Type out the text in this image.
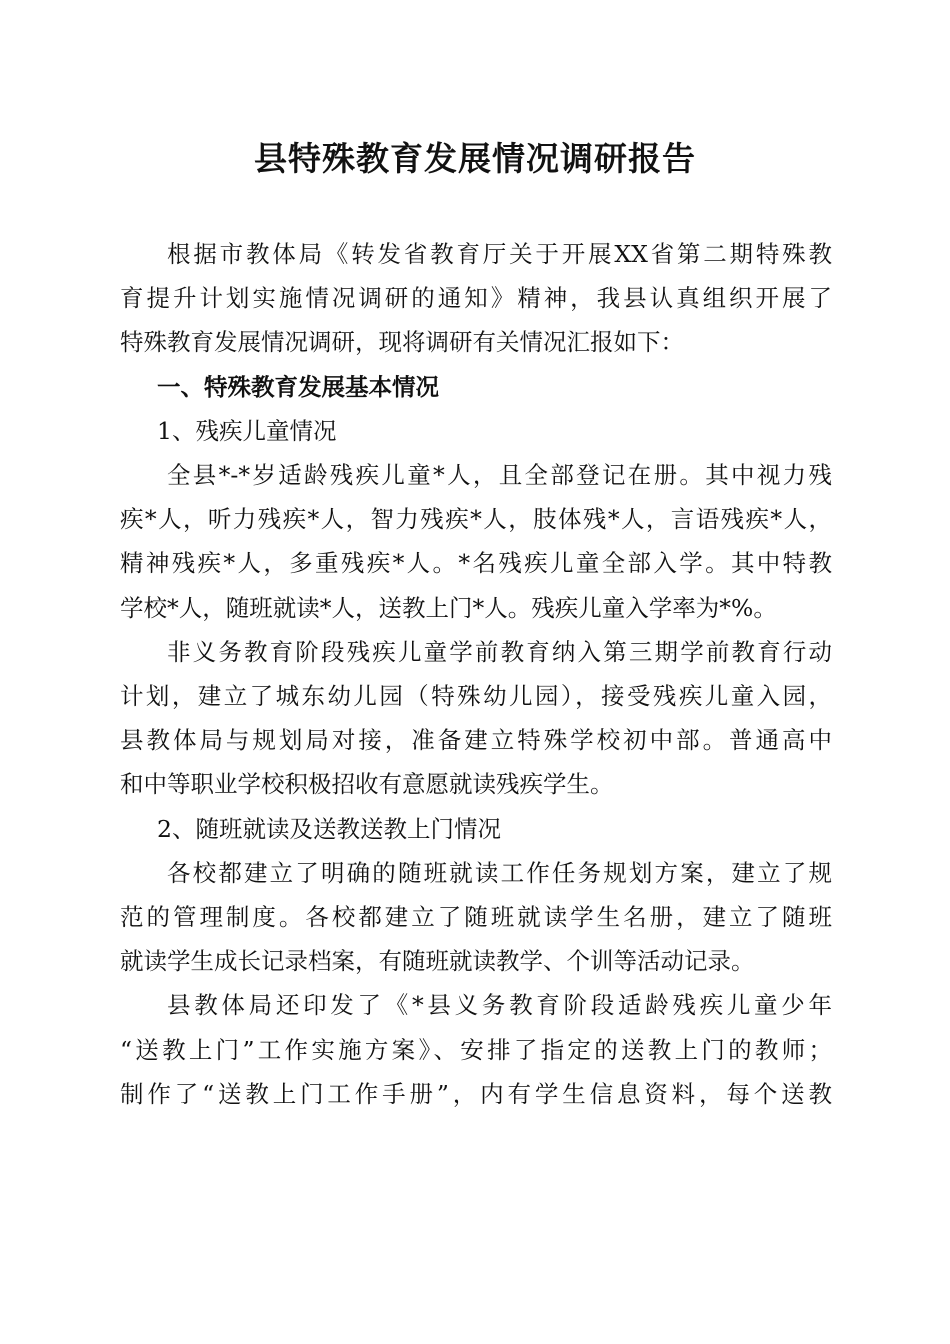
县特殊教育发展情况调研报告
根据市教体局《转发省教育厅关于开展XX省第二期特殊教
育提升计划实施情况调研的通知》精神，我县认真组织开展了
特殊教育发展情况调研，现将调研有关情况汇报如下：
一、特殊教育发展基本情况
1、残疾儿童情况
全县*-*岁适龄残疾儿童*人，且全部登记在册。其中视力残
疾*人，听力残疾*人，智力残疾*人，肢体残*人，言语残疾*人，
精神残疾*人，多重残疾*人。*名残疾儿童全部入学。其中特教
学校*人，随班就读*人，送教上门*人。残疾儿童入学率为*%。
非义务教育阶段残疾儿童学前教育纳入第三期学前教育行动
计划，建立了城东幼儿园（特殊幼儿园），接受残疾儿童入园，
县教体局与规划局对接，准备建立特殊学校初中部。普通高中
和中等职业学校积极招收有意愿就读残疾学生。
2、随班就读及送教送教上门情况
各校都建立了明确的随班就读工作任务规划方案，建立了规
范的管理制度。各校都建立了随班就读学生名册，建立了随班
就读学生成长记录档案，有随班就读教学、个训等活动记录。
县教体局还印发了《*县义务教育阶段适龄残疾儿童少年
“送教上门”工作实施方案》、安排了指定的送教上门的教师；
制作了“送教上门工作手册”，内有学生信息资料，每个送教
